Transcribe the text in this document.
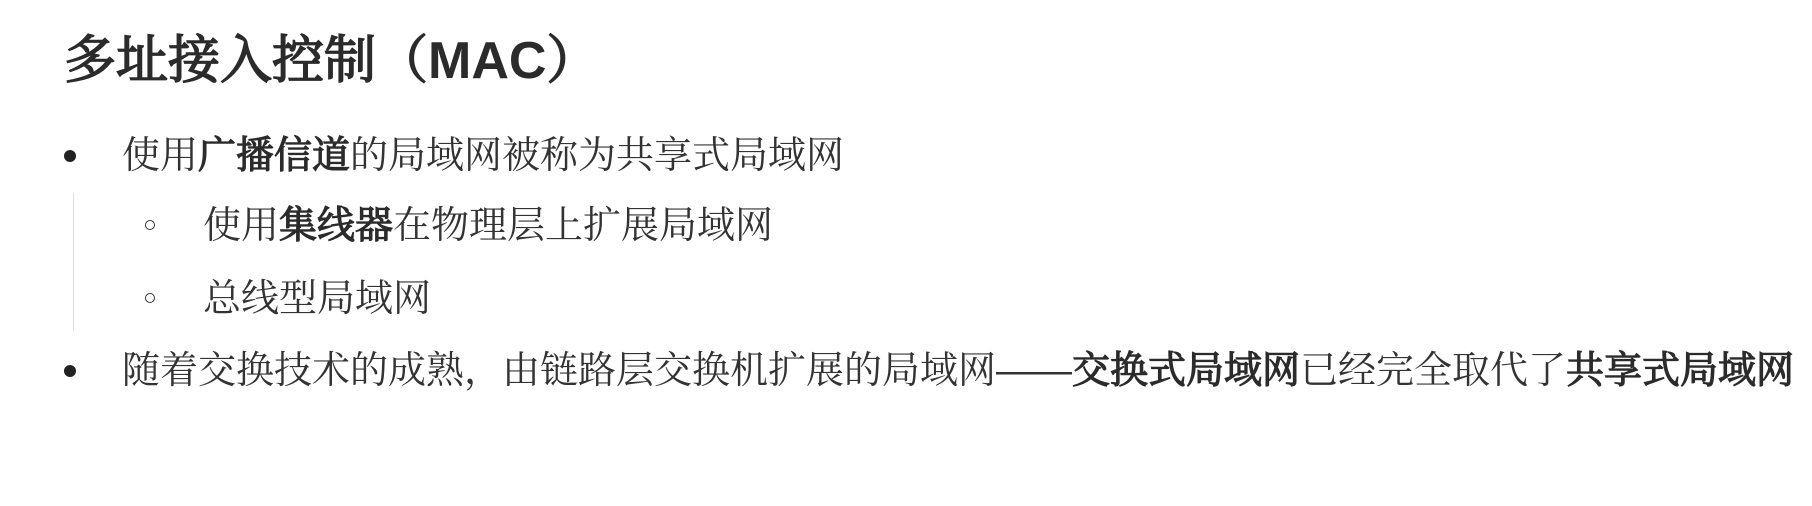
多址接入控制（MAC）
使用广播信道的局域网被称为共享式局域网
使用集线器在物理层上扩展局域网
总线型局域网
随着交换技术的成熟，由链路层交换机扩展的局域网——交换式局域网已经完全取代了共享式局域网
